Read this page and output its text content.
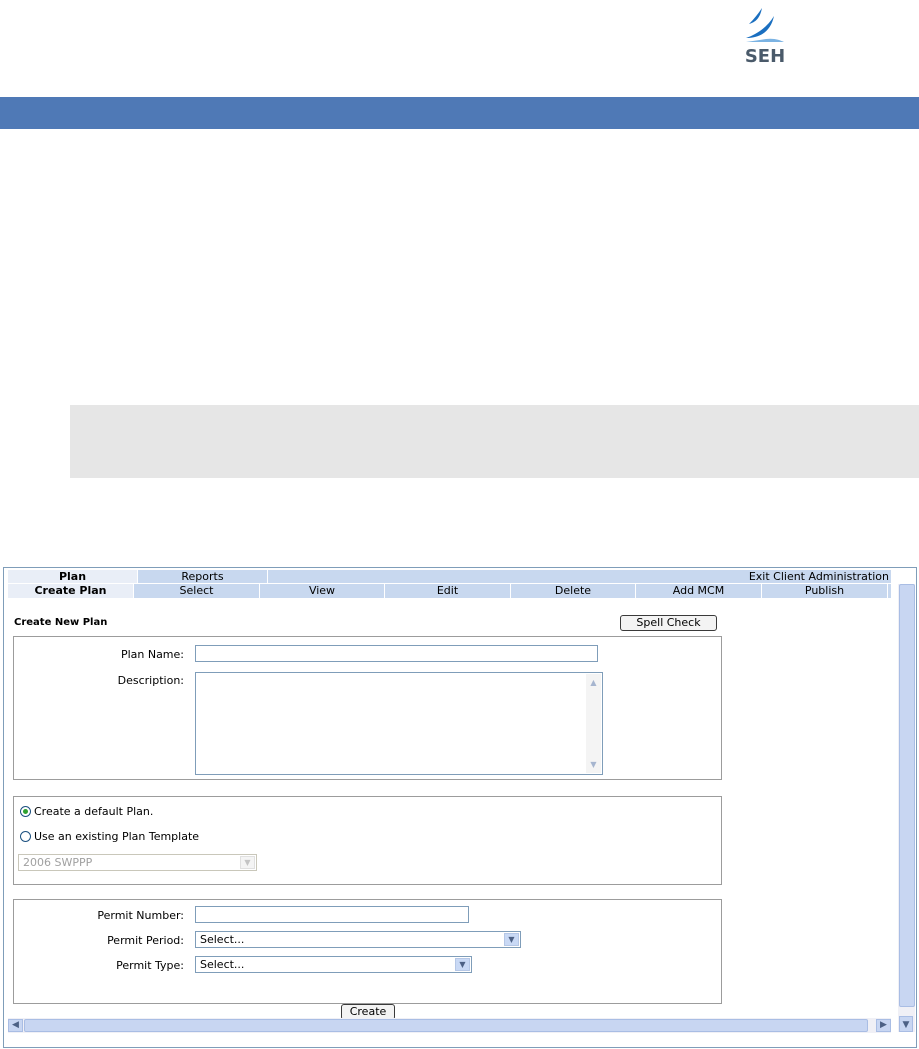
SEH
Plan	Reports	Exit Client Administration
Create Plan	Select	View	Edit	Delete	Add MCM	Publish
Create New Plan	Spell Check
Plan Name:
Description:	▲
▼
Create a default Plan.
Use an existing Plan Template
2006 SWPPP	▼
Permit Number:
Permit Period:	Select...	▼
Permit Type:	Select...	▼
Create
◀	▶	▼
